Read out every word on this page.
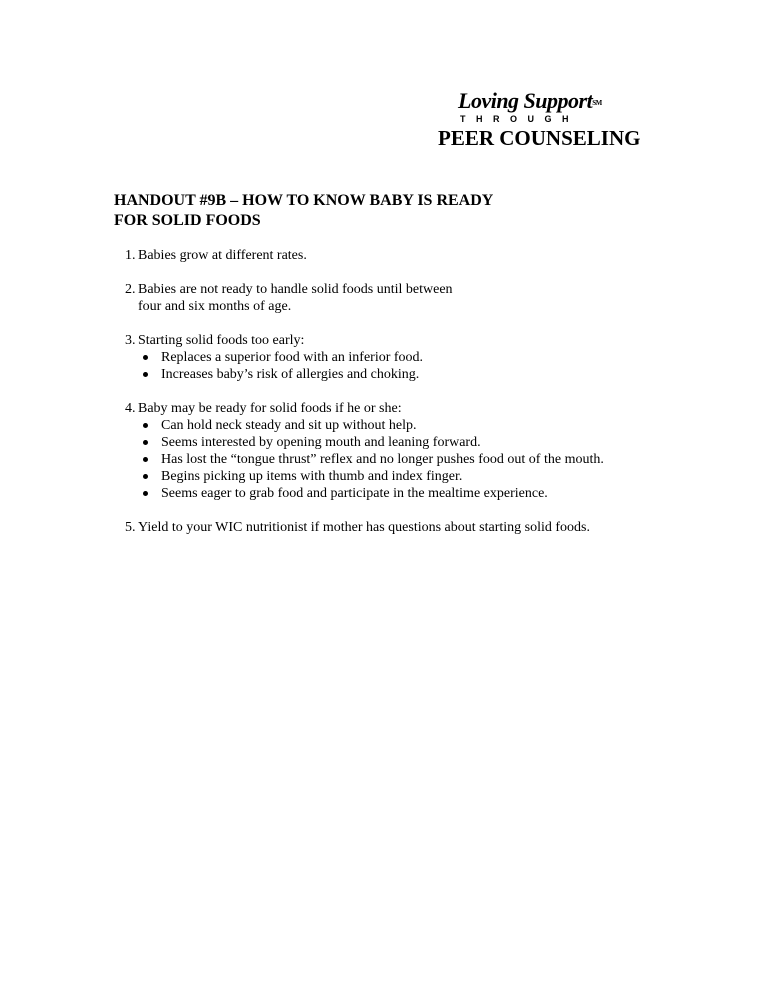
Loving Support℠
THROUGH
PEER COUNSELING
HANDOUT #9B – HOW TO KNOW BABY IS READY
FOR SOLID FOODS
1. Babies grow at different rates.
2. Babies are not ready to handle solid foods until between
four and six months of age.
3. Starting solid foods too early:
Replaces a superior food with an inferior food.
Increases baby’s risk of allergies and choking.
4. Baby may be ready for solid foods if he or she:
Can hold neck steady and sit up without help.
Seems interested by opening mouth and leaning forward.
Has lost the “tongue thrust” reflex and no longer pushes food out of the mouth.
Begins picking up items with thumb and index finger.
Seems eager to grab food and participate in the mealtime experience.
5. Yield to your WIC nutritionist if mother has questions about starting solid foods.
